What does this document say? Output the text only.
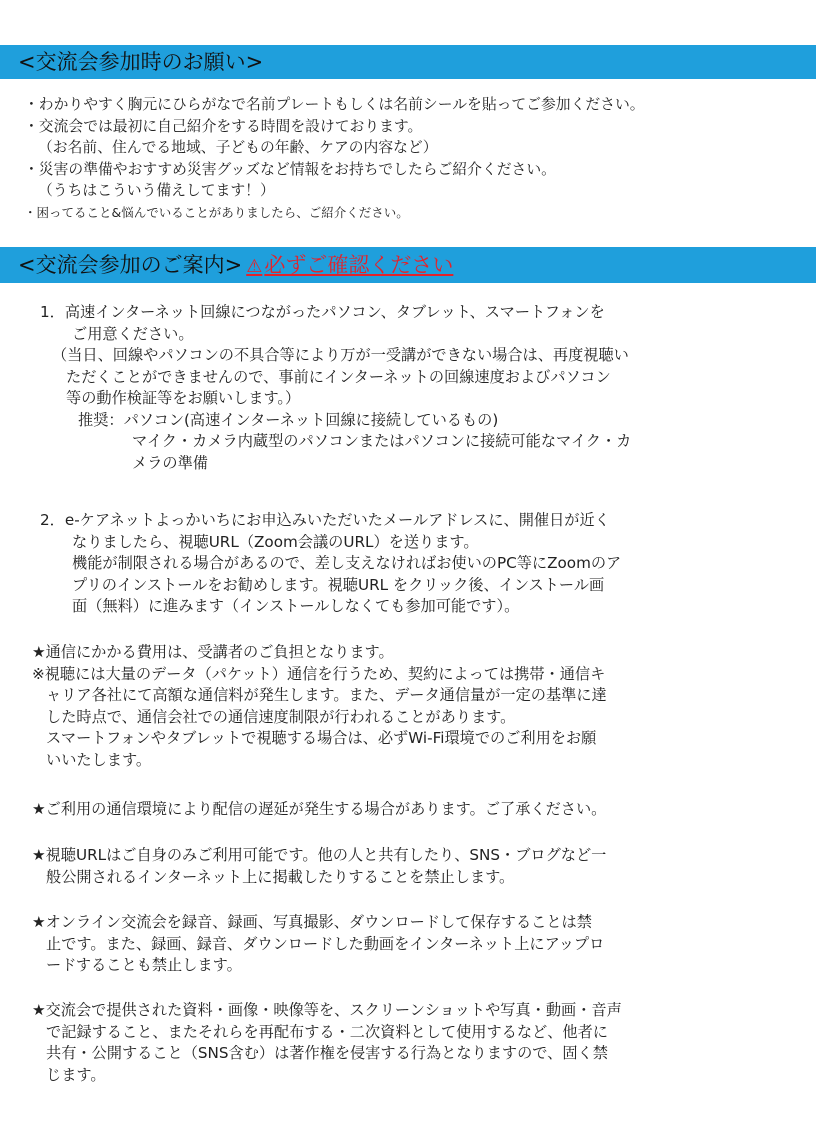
<交流会参加時のお願い>
・わかりやすく胸元にひらがなで名前プレートもしくは名前シールを貼ってご参加ください。
・交流会では最初に自己紹介をする時間を設けております。
（お名前、住んでる地域、子どもの年齢、ケアの内容など）
・災害の準備やおすすめ災害グッズなど情報をお持ちでしたらご紹介ください。
（うちはこういう備えしてます！）
・困ってること&悩んでいることがありましたら、ご紹介ください。
<交流会参加のご案内> ⚠必ずご確認ください
1．高速インターネット回線につながったパソコン、タブレット、スマートフォンを
ご用意ください。
（当日、回線やパソコンの不具合等により万が一受講ができない場合は、再度視聴い
ただくことができませんので、事前にインターネットの回線速度およびパソコン
等の動作検証等をお願いします。）
推奨：パソコン(高速インターネット回線に接続しているもの)
マイク・カメラ内蔵型のパソコンまたはパソコンに接続可能なマイク・カ
メラの準備
2．e-ケアネットよっかいちにお申込みいただいたメールアドレスに、開催日が近く
なりましたら、視聴URL（Zoom会議のURL）を送ります。
機能が制限される場合があるので、差し支えなければお使いのPC等にZoomのア
プリのインストールをお勧めします。視聴URL をクリック後、インストール画
面（無料）に進みます（インストールしなくても参加可能です）。
★通信にかかる費用は、受講者のご負担となります。
※視聴には大量のデータ（パケット）通信を行うため、契約によっては携帯・通信キ
ャリア各社にて高額な通信料が発生します。また、データ通信量が一定の基準に達
した時点で、通信会社での通信速度制限が行われることがあります。
スマートフォンやタブレットで視聴する場合は、必ずWi-Fi環境でのご利用をお願
いいたします。
★ご利用の通信環境により配信の遅延が発生する場合があります。ご了承ください。
★視聴URLはご自身のみご利用可能です。他の人と共有したり、SNS・ブログなど一
般公開されるインターネット上に掲載したりすることを禁止します。
★オンライン交流会を録音、録画、写真撮影、ダウンロードして保存することは禁
止です。また、録画、録音、ダウンロードした動画をインターネット上にアップロ
ードすることも禁止します。
★交流会で提供された資料・画像・映像等を、スクリーンショットや写真・動画・音声
で記録すること、またそれらを再配布する・二次資料として使用するなど、他者に
共有・公開すること（SNS含む）は著作権を侵害する行為となりますので、固く禁
じます。
